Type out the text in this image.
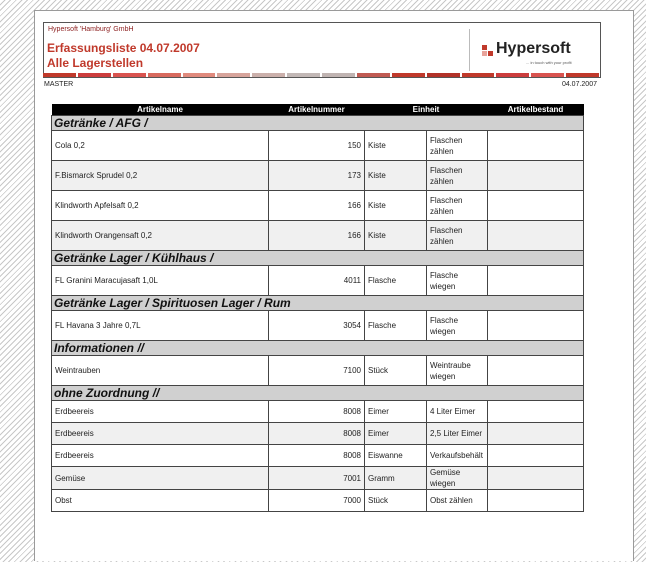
Hypersoft 'Hamburg' GmbH
Erfassungsliste 04.07.2007
Alle Lagerstellen
Hypersoft
... in touch with your profit
MASTER	04.07.2007
Artikelname	Artikelnummer	Einheit		Artikelbestand
Getränke / AFG /				
Cola 0,2	150	Kiste	Flaschen zählen	
F.Bismarck Sprudel 0,2	173	Kiste	Flaschen zählen	
Klindworth Apfelsaft 0,2	166	Kiste	Flaschen zählen	
Klindworth Orangensaft 0,2	166	Kiste	Flaschen zählen	
Getränke Lager / Kühlhaus /				
FL Granini Maracujasaft 1,0L	4011	Flasche	Flasche wiegen	
Getränke Lager / Spirituosen Lager / Rum				
FL Havana 3 Jahre 0,7L	3054	Flasche	Flasche wiegen	
Informationen //				
Weintrauben	7100	Stück	Weintraube wiegen	
ohne Zuordnung //				
Erdbeereis	8008	Eimer	4 Liter Eimer	
Erdbeereis	8008	Eimer	2,5 Liter Eimer	
Erdbeereis	8008	Eiswanne	Verkaufsbehält	
Gemüse	7001	Gramm	Gemüse wiegen	
Obst	7000	Stück	Obst zählen	
